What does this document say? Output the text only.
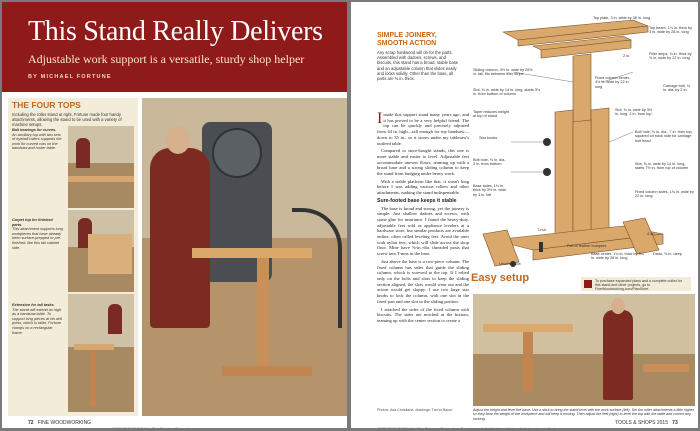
This Stand Really Delivers
Adjustable work support is a versatile, sturdy shop helper
BY MICHAEL FORTUNE
THE FOUR TOPS
Including the roller stand at right, Fortune made four handy attachments, allowing the stand to be used with a variety of machine setups.
Ball bearings for curves.
An auxiliary top with two sets of eyeball rollers supports the work for curved cuts on the bandsaw and router table.
Carpet top for finished parts.
This attachment supports long workpieces that have already been surface-prepped or pre-finished, like this tall cabinet side.
Extension for tall tasks.
The stand will extend as high as a bandsaw table. To support long pieces at his drill press, which is taller, Fortune clamps on a rectangular frame.
72 FINE WOODWORKING
COPYRIGHT 2014 by The Taunton Press, Inc.
SIMPLE JOINERY, SMOOTH ACTION
Any scrap hardwood will do for the parts. Assembled with dadoes, screws, and biscuits, this stand has a broad, stable base and an adjustable column that slides easily and locks solidly. Other than the base, all parts are ¾ in. thick.

Imade this support stand many years ago, and it has proved to be a very helpful friend. The top can be quickly and precisely adjusted from 44 in. high—tall enough for my bandsaw—down to 35 in., so it stores under my tablesaw's outfeed table.

Compared to store-bought stands, this one is more stable and easier to level. Adjustable feet accommodate uneven floors, teaming up with a broad base and a strong sliding column to keep the stand from budging under heavy work.

With a stable platform like that, it wasn't long before I was adding various rollers and other attachments, making the stand indispensable.

Sure-footed base keeps it stable

The base is broad and strong, yet the joinery is simple. Just shallow dadoes and screws, with some glue for insurance. I found the heavy-duty, adjustable feet sold as appliance levelers at a hardware store, but similar products are available online, often called leveling feet. Avoid the ones with nylon feet, which will slide across the shop floor. Mine have ⅝-in.-dia. threaded posts that screw into T-nuts in the base.

Just above the base is a two-piece column. The fixed column has sides that guide the sliding column, which is screwed to the top. If I relied only on the bolts and slots to keep the sliding section aligned, the slots would wear out and the action would get sloppy. I use two large star knobs to lock the column, with one slot in the fixed part and one slot in the sliding portion.

I attached the sides of the fixed column with biscuits. The sides are notched at the bottom, teaming up with the center section to create a

Top plate, 3 in. wide by 38 in. long
Top beam, 1¾ in. thick by 3 in. wide by 28 in. long
Sliding column, 4½ in. wide by 26½ in. tall, fits between filler strips
Slot, ⅜ in. wide by 14 in. long, starts 3¾ in. from bottom of column
Fixed column center, 4½ in. wide by 22 in. long
Filler strips, ¾ in. thick by ⅝ in. wide by 22 in. long
Carriage bolt, ⅜ in. dia. by 2 in.
Taper reduces weight at top of stand.
Slot, ⅜ in. wide by 3½ in. long, 2 in. from top
Star knobs
Bolt hole, ⅜ in. dia., 3 in. from bottom
Bolt hole, ⅜ in. dia., 7 in. from top, squared on back side for carriage bolt head
Base sides, 1¾ in. thick by 3½ in. wide by 3 in. tall
Slot, ⅜ in. wide by 14 in. long, starts 7½ in. from top of column
Fixed column sides, 1¾ in. wide by 22 in. long
T-nut
Felt or leather bumpers
Leveling foot
Base center, 1¾ in. thick by 3¼ in. wide by 28 in. long
Dado, ⅜ in. deep
2 in.
4 in.
Easy setup	To purchase expanded plans and a complete cutlist for this stand and other projects, go to FineWoodworking.com/PlanStore.
Photos: Asa Christiana; drawings: Trevor Bauer	Adjust the height and level the base. Use a stick to bring the stand level with the work surface (left). Set the roller attachments a little higher, so they bear the weight of the workpiece and will keep it moving. Then adjust the feet (right) to level the top with the table and correct any rocking.
TOOLS & SHOPS 2015 73
COPYRIGHT 2014 by The Taunton Press, Inc. Copying and distribution of this article is not permitted.
